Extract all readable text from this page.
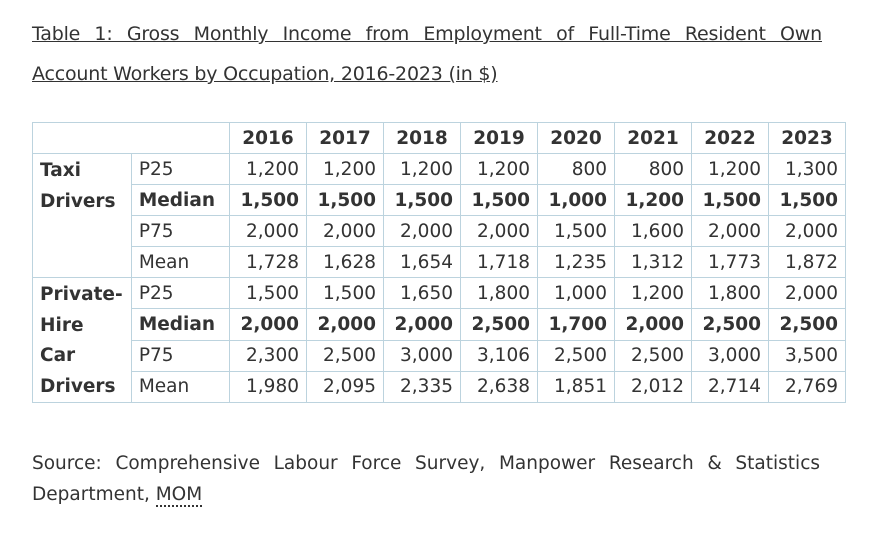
Table 1: Gross Monthly Income from Employment of Full-Time Resident Own
Account Workers by Occupation, 2016-2023 (in $)
		2016	2017	2018	2019	2020	2021	2022	2023

Taxi
Drivers	P25	1,200	1,200	1,200	1,200	800	800	1,200	1,300
	Median	1,500	1,500	1,500	1,500	1,000	1,200	1,500	1,500
	P75	2,000	2,000	2,000	2,000	1,500	1,600	2,000	2,000
	Mean	1,728	1,628	1,654	1,718	1,235	1,312	1,773	1,872

Private-
Hire
Car
Drivers	P25	1,500	1,500	1,650	1,800	1,000	1,200	1,800	2,000
	Median	2,000	2,000	2,000	2,500	1,700	2,000	2,500	2,500
	P75	2,300	2,500	3,000	3,106	2,500	2,500	3,000	3,500
	Mean	1,980	2,095	2,335	2,638	1,851	2,012	2,714	2,769
Source: Comprehensive Labour Force Survey, Manpower Research & Statistics Department, MOM
